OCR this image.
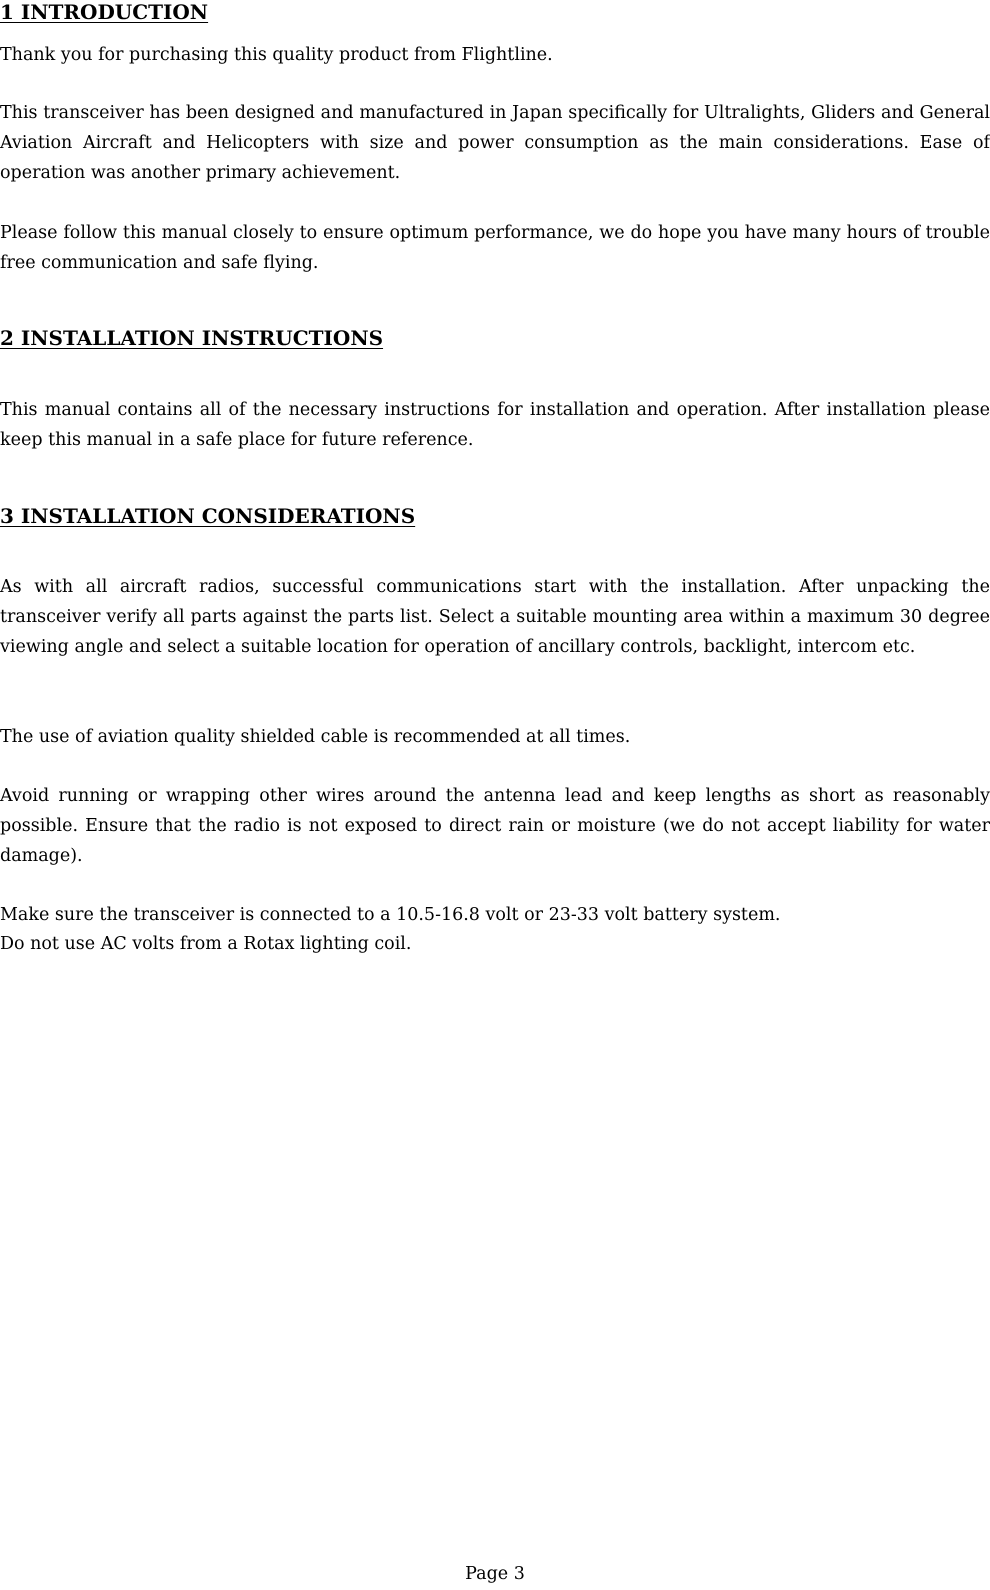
1 INTRODUCTION

Thank you for purchasing this quality product from Flightline.

This transceiver has been designed and manufactured in Japan specifically for Ultralights, Gliders and General Aviation Aircraft and Helicopters with size and power consumption as the main considerations. Ease of operation was another primary achievement.

Please follow this manual closely to ensure optimum performance, we do hope you have many hours of trouble free communication and safe flying.

2 INSTALLATION INSTRUCTIONS

This manual contains all of the necessary instructions for installation and operation. After installation please keep this manual in a safe place for future reference.

3 INSTALLATION CONSIDERATIONS

As with all aircraft radios, successful communications start with the installation. After unpacking the transceiver verify all parts against the parts list. Select a suitable mounting area within a maximum 30 degree viewing angle and select a suitable location for operation of ancillary controls, backlight, intercom etc.

The use of aviation quality shielded cable is recommended at all times.

Avoid running or wrapping other wires around the antenna lead and keep lengths as short as reasonably possible. Ensure that the radio is not exposed to direct rain or moisture (we do not accept liability for water damage).

Make sure the transceiver is connected to a 10.5-16.8 volt or 23-33 volt battery system.

Do not use AC volts from a Rotax lighting coil.

Page 3
